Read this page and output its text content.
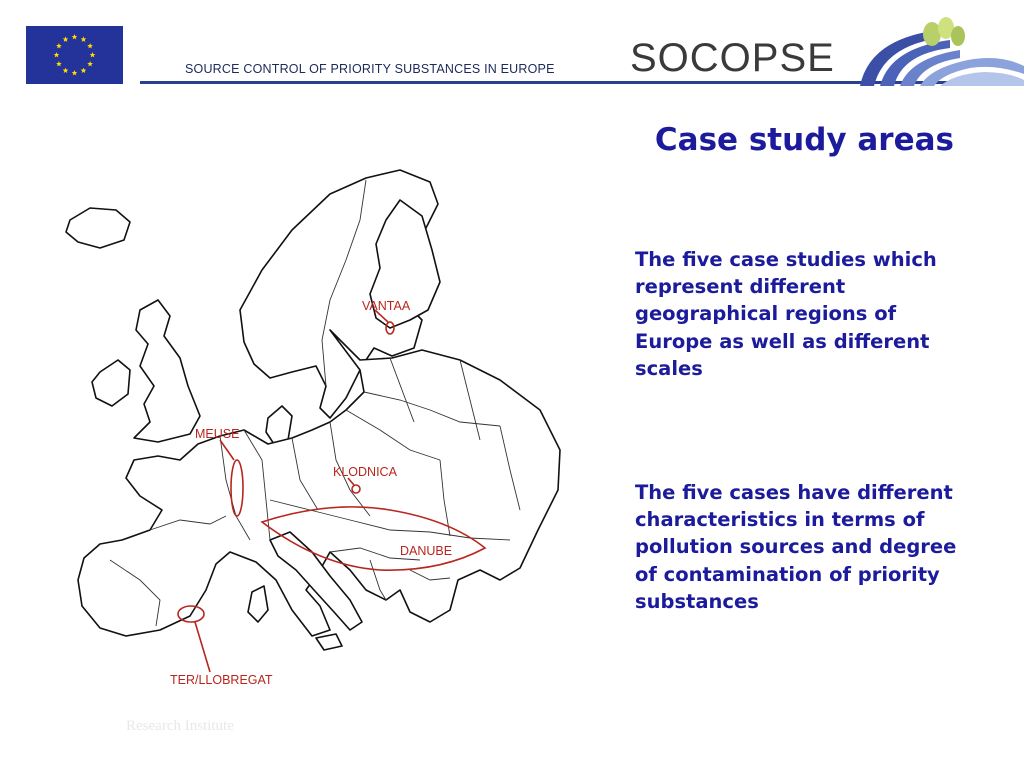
SOURCE CONTROL OF PRIORITY SUBSTANCES IN EUROPE SOCOPSE
Case study areas

The five case studies which represent different geographical regions of Europe as well as different scales

The five cases have different characteristics in terms of pollution sources and degree of contamination of priority substances

VANTAA
MEUSE
KLODNICA
DANUBE
TER/LLOBREGAT
Research Institute
